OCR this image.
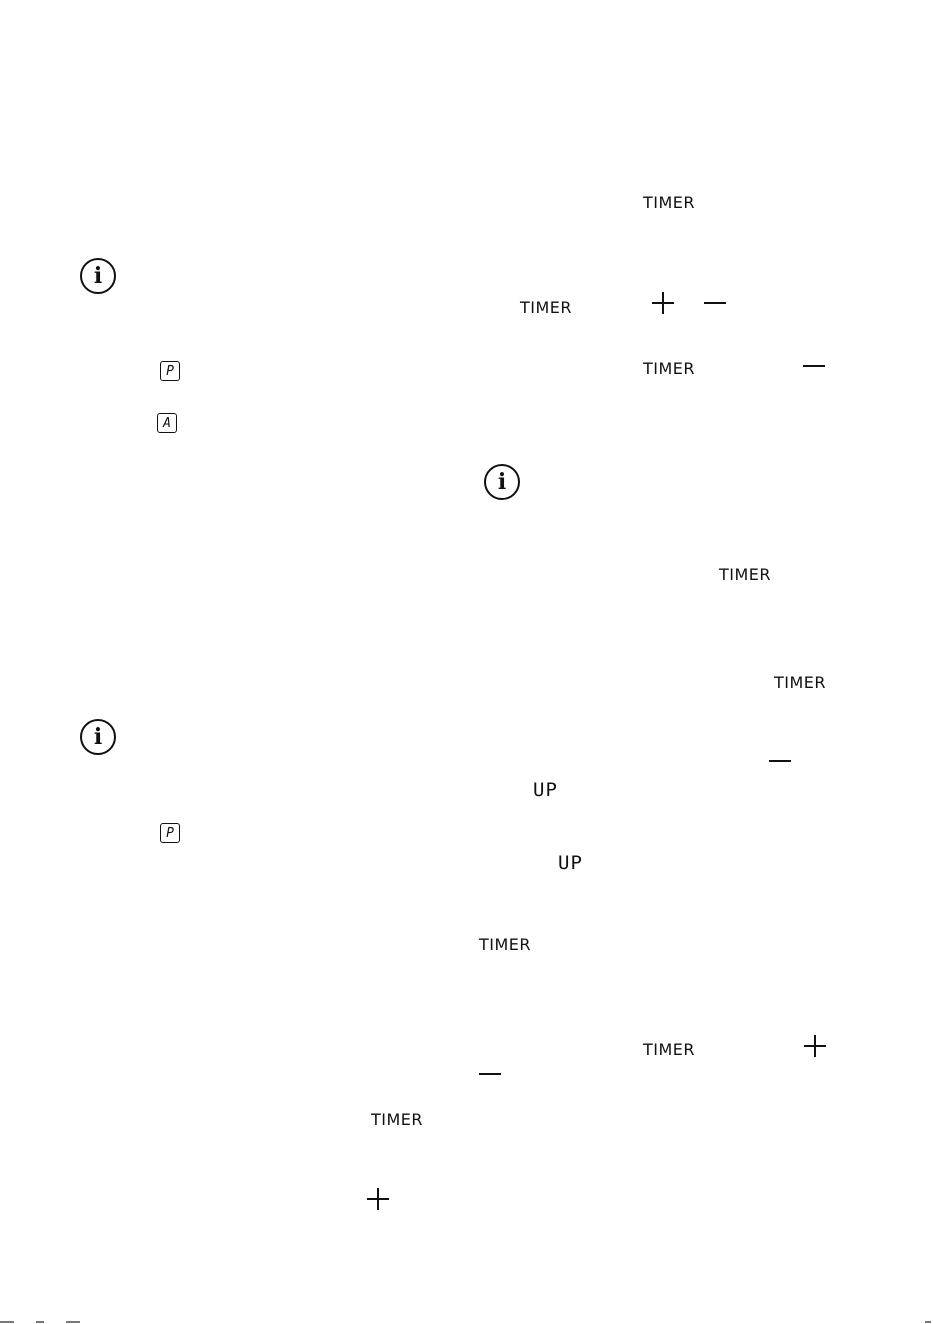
i
P
A
i
P
TIMER
TIMER
TIMER
TIMER
i
TIMER
TIMER
UP
UP
TIMER
TIMER
